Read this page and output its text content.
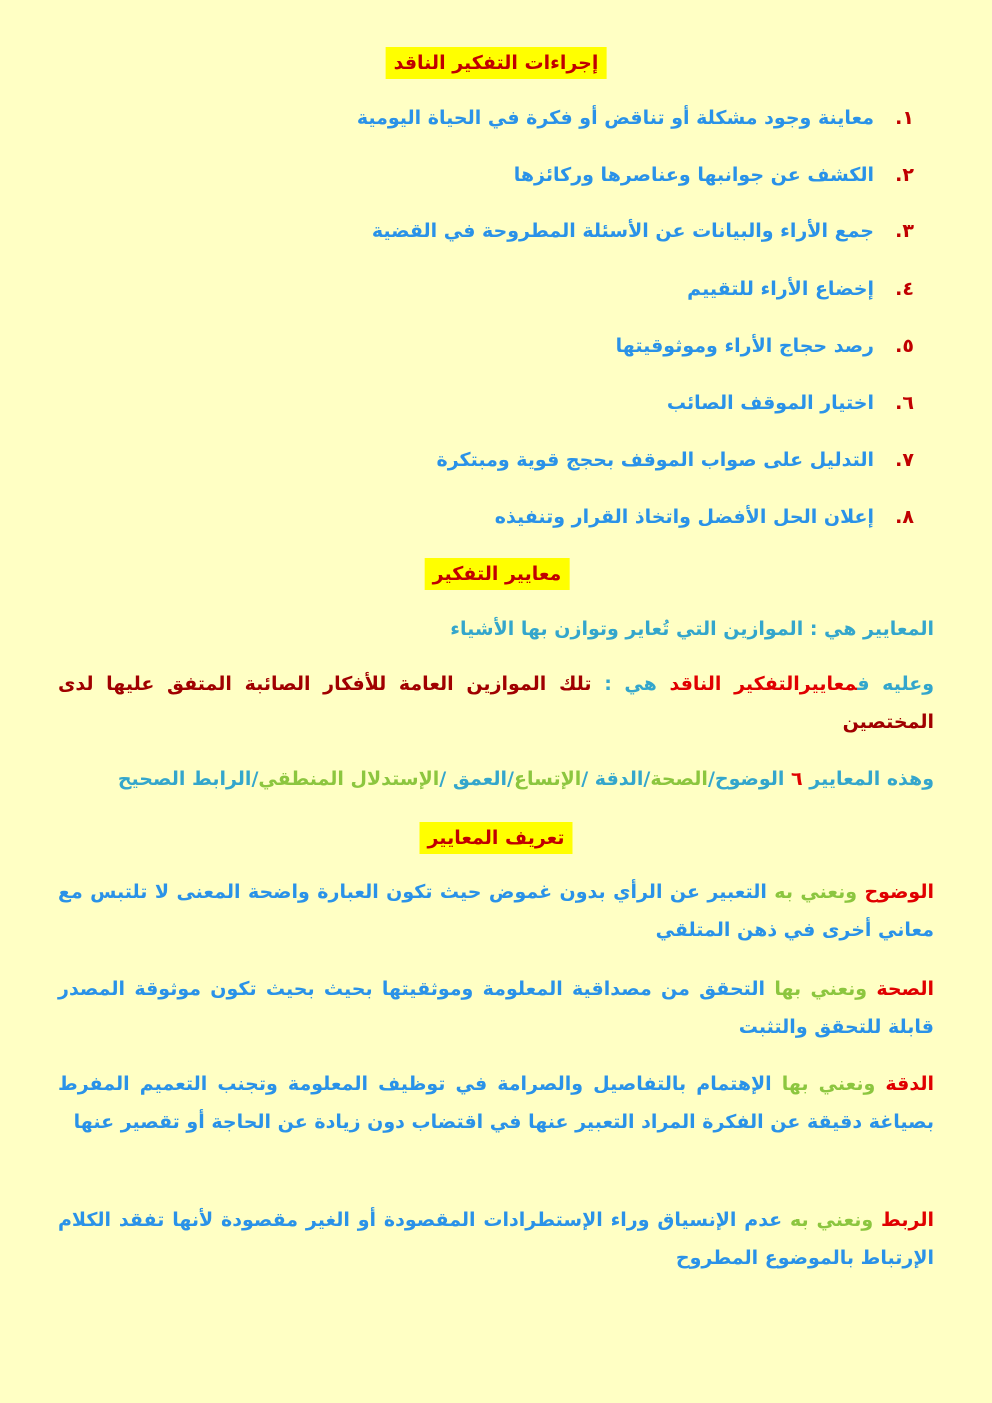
إجراءات التفكير الناقد
١.معاينة وجود مشكلة أو تناقض أو فكرة في الحياة اليومية
٢.الكشف عن جوانبها وعناصرها وركائزها
٣.جمع الأراء والبيانات عن الأسئلة المطروحة في القضية
٤.إخضاع الأراء للتقييم
٥.رصد حجاج الأراء وموثوقيتها
٦.اختيار الموقف الصائب
٧.التدليل على صواب الموقف بحجج قوية ومبتكرة
٨.إعلان الحل الأفضل واتخاذ القرار وتنفيذه
معايير التفكير
المعايير هي : الموازين التي تُعاير وتوازن بها الأشياء
وعليه فمعاييرالتفكير الناقد هي : تلك الموازين العامة للأفكار الصائبة المتفق عليها لدى المختصين
وهذه المعايير ٦ الوضوح/الصحة/الدقة /الإتساع/العمق /الإستدلال المنطقي/الرابط الصحيح
تعريف المعايير
الوضوح ونعني به التعبير عن الرأي بدون غموض حيث تكون العبارة واضحة المعنى لا تلتبس مع معاني أخرى في ذهن المتلقي
الصحة ونعني بها التحقق من مصداقية المعلومة وموثقيتها بحيث بحيث تكون موثوقة المصدر قابلة للتحقق والتثبت
الدقة ونعني بها الإهتمام بالتفاصيل والصرامة في توظيف المعلومة وتجنب التعميم المفرط بصياغة دقيقة عن الفكرة المراد التعبير عنها في اقتضاب دون زيادة عن الحاجة أو تقصير عنها
الربط ونعني به عدم الإنسياق وراء الإستطرادات المقصودة أو الغير مقصودة لأنها تفقد الكلام الإرتباط بالموضوع المطروح
